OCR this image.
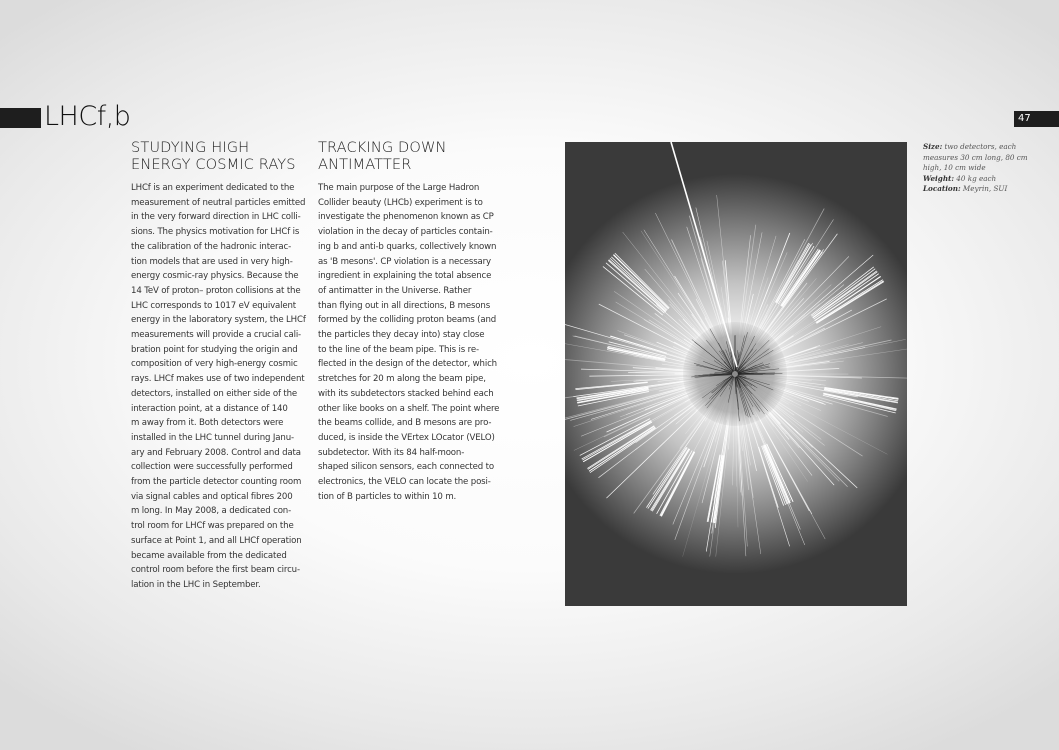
LHCf,b	47
STUDYING HIGH
ENERGY COSMIC RAYS

LHCf is an experiment dedicated to the

measurement of neutral particles emitted

in the very forward direction in LHC colli-

sions. The physics motivation for LHCf is

the calibration of the hadronic interac-

tion models that are used in very high-

energy cosmic-ray physics. Because the

14 TeV of proton– proton collisions at the

LHC corresponds to 1017 eV equivalent

energy in the laboratory system, the LHCf

measurements will provide a crucial cali-

bration point for studying the origin and

composition of very high-energy cosmic

rays. LHCf makes use of two independent

detectors, installed on either side of the

interaction point, at a distance of 140

m away from it. Both detectors were

installed in the LHC tunnel during Janu-

ary and February 2008. Control and data

collection were successfully performed

from the particle detector counting room

via signal cables and optical fibres 200

m long. In May 2008, a dedicated con-

trol room for LHCf was prepared on the

surface at Point 1, and all LHCf operation

became available from the dedicated

control room before the first beam circu-

lation in the LHC in September.

TRACKING DOWN
ANTIMATTER

The main purpose of the Large Hadron

Collider beauty (LHCb) experiment is to

investigate the phenomenon known as CP

violation in the decay of particles contain-

ing b and anti-b quarks, collectively known

as 'B mesons'. CP violation is a necessary

ingredient in explaining the total absence

of antimatter in the Universe. Rather

than flying out in all directions, B mesons

formed by the colliding proton beams (and

the particles they decay into) stay close

to the line of the beam pipe. This is re-

flected in the design of the detector, which

stretches for 20 m along the beam pipe,

with its subdetectors stacked behind each

other like books on a shelf. The point where

the beams collide, and B mesons are pro-

duced, is inside the VErtex LOcator (VELO)

subdetector. With its 84 half-moon-

shaped silicon sensors, each connected to

electronics, the VELO can locate the posi-

tion of B particles to within 10 m.

Size: two detectors, each
measures 30 cm long, 80 cm
high, 10 cm wide
Weight: 40 kg each
Location: Meyrin, SUI
